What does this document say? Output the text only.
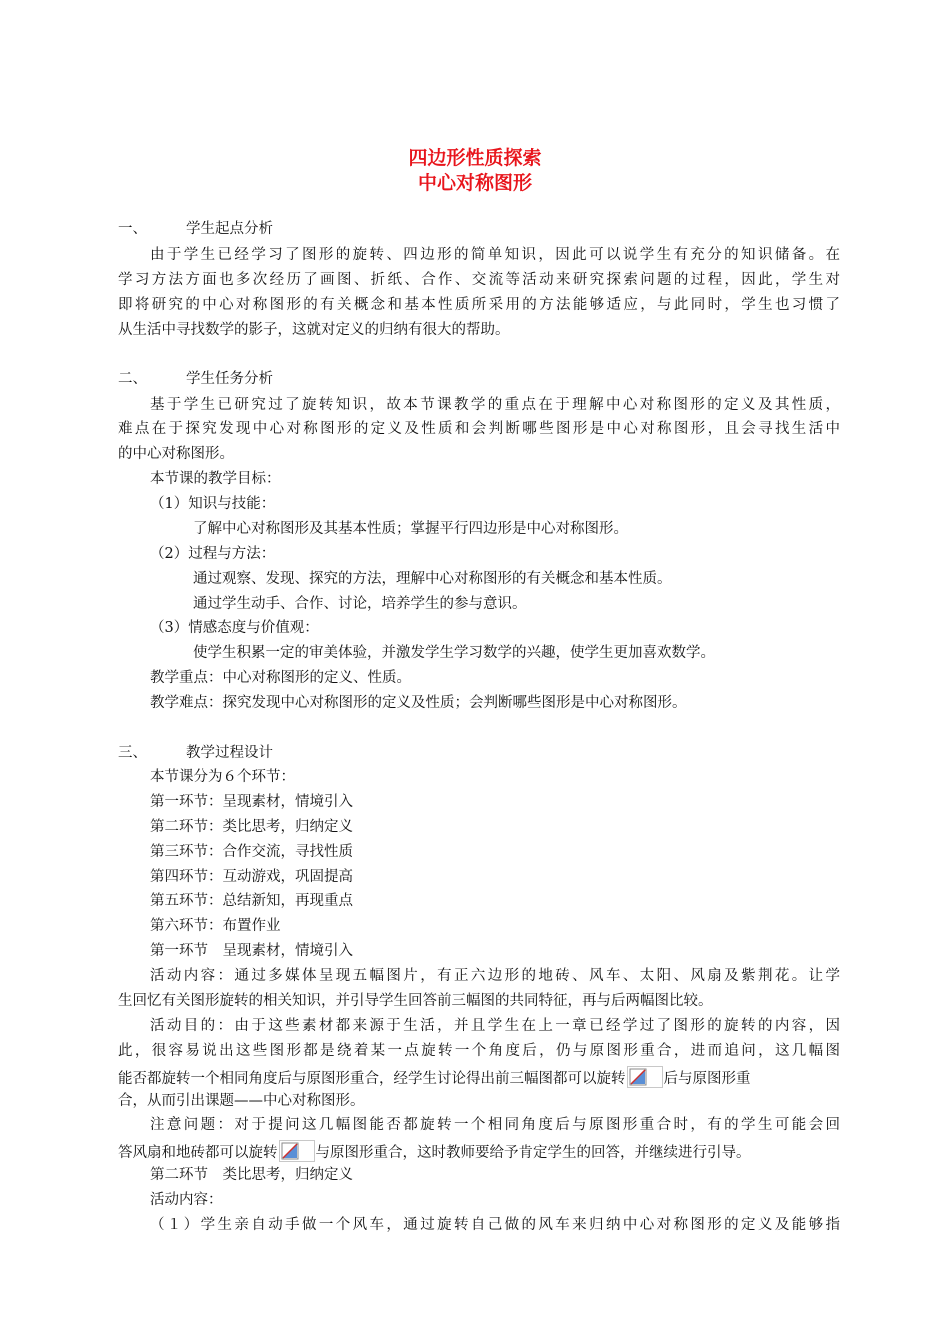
四边形性质探索
中心对称图形
一、	学生起点分析
由于学生已经学习了图形的旋转、四边形的简单知识，因此可以说学生有充分的知识储备。在
学习方法方面也多次经历了画图、折纸、合作、交流等活动来研究探索问题的过程，因此，学生对
即将研究的中心对称图形的有关概念和基本性质所采用的方法能够适应，与此同时，学生也习惯了
从生活中寻找数学的影子，这就对定义的归纳有很大的帮助。
二、	学生任务分析
基于学生已研究过了旋转知识，故本节课教学的重点在于理解中心对称图形的定义及其性质，
难点在于探究发现中心对称图形的定义及性质和会判断哪些图形是中心对称图形，且会寻找生活中
的中心对称图形。
本节课的教学目标：
（1）知识与技能：
了解中心对称图形及其基本性质；掌握平行四边形是中心对称图形。
（2）过程与方法：
通过观察、发现、探究的方法，理解中心对称图形的有关概念和基本性质。
通过学生动手、合作、讨论，培养学生的参与意识。
（3）情感态度与价值观：
使学生积累一定的审美体验，并激发学生学习数学的兴趣，使学生更加喜欢数学。
教学重点：中心对称图形的定义、性质。
教学难点：探究发现中心对称图形的定义及性质；会判断哪些图形是中心对称图形。
三、	教学过程设计
本节课分为６个环节：
第一环节：呈现素材，情境引入
第二环节：类比思考，归纳定义
第三环节：合作交流，寻找性质
第四环节：互动游戏，巩固提高
第五环节：总结新知，再现重点
第六环节：布置作业
第一环节　呈现素材，情境引入
活动内容：通过多媒体呈现五幅图片，有正六边形的地砖、风车、太阳、风扇及紫荆花。让学
生回忆有关图形旋转的相关知识，并引导学生回答前三幅图的共同特征，再与后两幅图比较。
活动目的：由于这些素材都来源于生活，并且学生在上一章已经学过了图形的旋转的内容，因
此，很容易说出这些图形都是绕着某一点旋转一个角度后，仍与原图形重合，进而追问，这几幅图
能否都旋转一个相同角度后与原图形重合，经学生讨论得出前三幅图都可以旋转	后与原图形重
合，从而引出课题——中心对称图形。
注意问题：对于提问这几幅图能否都旋转一个相同角度后与原图形重合时，有的学生可能会回
答风扇和地砖都可以旋转	与原图形重合，这时教师要给予肯定学生的回答，并继续进行引导。
第二环节　类比思考，归纳定义
活动内容：
（１）学生亲自动手做一个风车，通过旋转自己做的风车来归纳中心对称图形的定义及能够指
